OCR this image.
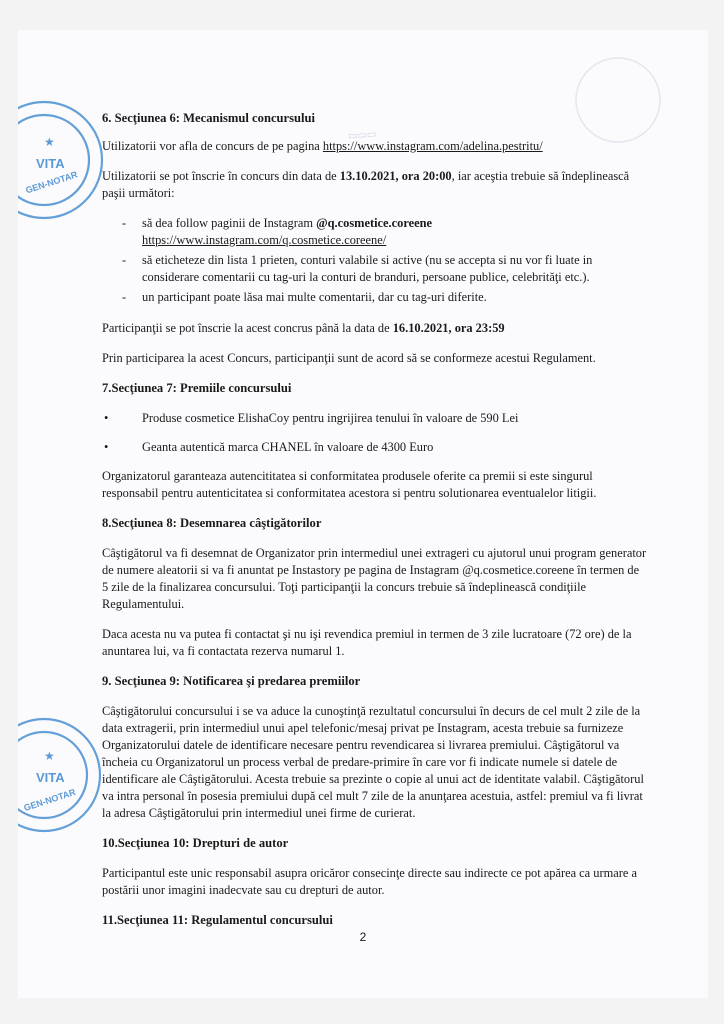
▭▭▭
VITA
GEN-NOTAR
★
VITA
GEN-NOTAR
★
6. Secţiunea 6: Mecanismul concursului

Utilizatorii vor afla de concurs de pe pagina https://www.instagram.com/adelina.pestritu/

Utilizatorii se pot înscrie în concurs din data de 13.10.2021, ora 20:00, iar aceştia trebuie să îndeplinească paşii următori:

- să dea follow paginii de Instagram @q.cosmetice.coreene
https://www.instagram.com/q.cosmetice.coreene/
- să eticheteze din lista 1 prieten, conturi valabile si active (nu se accepta si nu vor fi luate in considerare comentarii cu tag-uri la conturi de branduri, persoane publice, celebrităţi etc.).
- un participant poate lăsa mai multe comentarii, dar cu tag-uri diferite.

Participanţii se pot înscrie la acest concrus până la data de 16.10.2021, ora 23:59

Prin participarea la acest Concurs, participanţii sunt de acord să se conformeze acestui Regulament.

7.Secţiunea 7: Premiile concursului
• Produse cosmetice ElishaCoy pentru ingrijirea tenului în valoare de 590 Lei
• Geanta autentică marca CHANEL în valoare de 4300 Euro

Organizatorul garanteaza autencititatea si conformitatea produsele oferite ca premii si este singurul responsabil pentru autenticitatea si conformitatea acestora si pentru solutionarea eventualelor litigii.

8.Secţiunea 8: Desemnarea câştigătorilor

Câştigătorul va fi desemnat de Organizator prin intermediul unei extrageri cu ajutorul unui program generator de numere aleatorii si va fi anuntat pe Instastory pe pagina de Instagram @q.cosmetice.coreene în termen de 5 zile de la finalizarea concursului. Toţi participanţii la concurs trebuie să îndeplinească condiţiile Regulamentului.

Daca acesta nu va putea fi contactat şi nu işi revendica premiul in termen de 3 zile lucratoare (72 ore) de la anuntarea lui, va fi contactata rezerva numarul 1.

9. Secţiunea 9: Notificarea şi predarea premiilor

Câştigătorului concursului i se va aduce la cunoştinţă rezultatul concursului în decurs de cel mult 2 zile de la data extragerii, prin intermediul unui apel telefonic/mesaj privat pe Instagram, acesta trebuie sa furnizeze Organizatorului datele de identificare necesare pentru revendicarea si livrarea premiului. Câştigătorul va încheia cu Organizatorul un process verbal de predare-primire în care vor fi indicate numele si datele de identificare ale Câştigătorului. Acesta trebuie sa prezinte o copie al unui act de identitate valabil. Câştigătorul va intra personal în posesia premiului după cel mult 7 zile de la anunţarea acestuia, astfel: premiul va fi livrat la adresa Câştigătorului prin intermediul unei firme de curierat.

10.Secţiunea 10: Drepturi de autor

Participantul este unic responsabil asupra oricăror consecinţe directe sau indirecte ce pot apărea ca urmare a postării unor imagini inadecvate sau cu drepturi de autor.

11.Secţiunea 11: Regulamentul concursului
2
